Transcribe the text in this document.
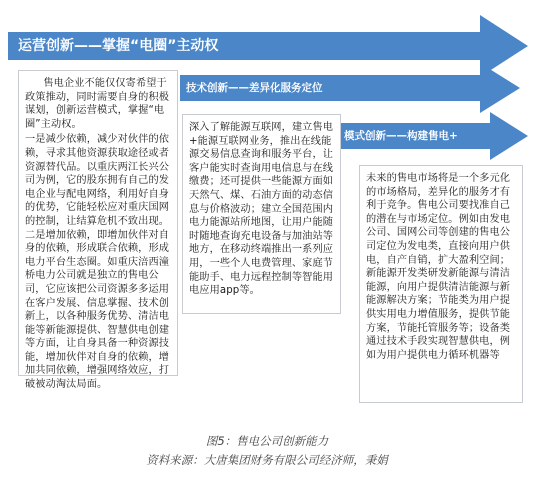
运营创新——掌握“电圈”主动权
技术创新——差异化服务定位
模式创新——构建售电+

售电企业不能仅仅寄希望于政策推动，同时需要自身的积极谋划，创新运营模式，掌握“电圈”主动权。

一是减少依赖，减少对伙伴的依赖，寻求其他资源获取途径或者资源替代品。以重庆两江长兴公司为例，它的股东拥有自己的发电企业与配电网络，利用好自身的优势，它能轻松应对重庆国网的控制，让结算危机不致出现。二是增加依赖，即增加伙伴对自身的依赖，形成联合依赖，形成电力平台生态圈。如重庆涪西潼桥电力公司就是独立的售电公司，它应该把公司资源多多运用在客户发展、信息掌握、技术创新上，以各种服务优势、清洁电能等新能源提供、智慧供电创建等方面，让自身具备一种资源技能，增加伙伴对自身的依赖，增加共同依赖，增强网络效应，打破被动淘汰局面。

深入了解能源互联网，建立售电+能源互联网业务，推出在线能源交易信息查询和服务平台，让客户能实时查询用电信息与在线缴费；还可提供一些能源方面如天然气、煤、石油方面的动态信息与价格波动；建立全国范围内电力能源站所地图，让用户能随时随地查询充电设备与加油站等地方，在移动终端推出一系列应用，一些个人电费管理、家庭节能助手、电力远程控制等智能用电应用app等。

未来的售电市场将是一个多元化的市场格局，差异化的服务才有利于竞争。售电公司要找准自己的潜在与市场定位。例如由发电公司、国网公司等创建的售电公司定位为发电类，直接向用户供电，自产自销，扩大盈利空间；新能源开发类研发新能源与清洁能源，向用户提供清洁能源与新能源解决方案；节能类为用户提供实用电力增值服务，提供节能方案，节能托管服务等；设备类通过技术手段实现智慧供电，例如为用户提供电力循环机器等

图5：售电公司创新能力
资料来源：大唐集团财务有限公司经济师，秉娟
